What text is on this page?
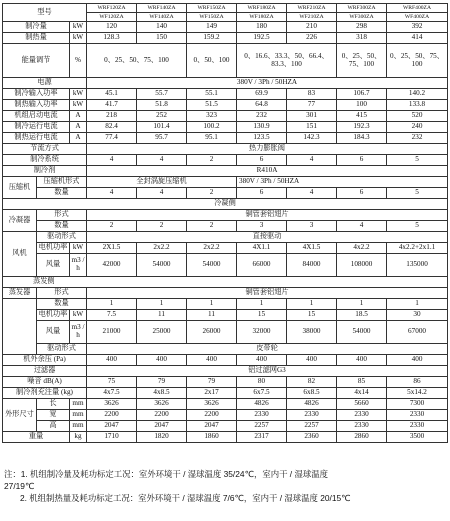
型号			WRF120ZA	WRF140ZA	WRF150ZA	WRF180ZA	WRF210ZA	WRF300ZA	WRF400ZA
			WF120ZA	WF140ZA	WF150ZA	WF180ZA	WF210ZA	WF300ZA	WF400ZA
制冷量		kW	120	140	149	180	210	298	392
制热量		kW	128.3	150	159.2	192.5	226	318	414
能量调节		%	0、25、50、75、100		0、50、100	0、16.6、33.3、50、66.4、83.3、100		0、25、50、75、100	0、25、50、75、100
电源			380V / 3Ph / 50HZA						
制冷输入功率		kW	45.1	55.7	55.1	69.9	83	106.7	140.2
制热输入功率		kW	41.7	51.8	51.5	64.8	77	100	133.8
机组启动电流		A	218	252	323	232	301	415	520
制冷运行电流		A	82.4	101.4	100.2	130.9	151	192.3	240
制热运行电流		A	77.4	95.7	95.1	123.5	142.3	184.3	232
节流方式			热力膨胀阀						
制冷系统			4	4	2	6	4	6	5
制冷剂			R410A						
压缩机	压缩机形式		全封涡旋压缩机			380V / 3Ph / 50HZA			
	数量		4	4	2	6	4	6	5
冷凝侧									
冷凝器	形式		铜管套铝翅片						
	数量		2	2	2	3	3	4	5
风机	驱动形式		直接驱动						
	电机功率	kW	2X1.5	2x2.2	2x2.2	4X1.1	4X1.5	4x2.2	4x2.2+2x1.1
	风量	m3 / h	42000	54000	54000	66000	84000	108000	135000
蒸发侧									
蒸发器	形式		铜管套铝翅片						
	数量		1	1	1	1	1	1	1
	电机功率	kW	7.5	11	11	15	15	18.5	30
	风量	m3 / h	21000	25000	26000	32000	38000	54000	67000
	驱动形式		皮带轮						
机外余压 (Pa)			400	400	400	400	400	400	400
过滤器			铝过滤网G3						
噪音 dB(A)			75	79	79	80	82	85	86
制冷剂充注量 (kg)			4x7.5	4x8.5	2x17	6x7.5	6x8.5	4x14	5x14.2
外形尺寸	长	mm	3626	3626	3626	4826	4826	5660	7300
	宽	mm	2200	2200	2200	2330	2330	2330	2330
	高	mm	2047	2047	2047	2257	2257	2330	2330
重量		kg	1710	1820	1860	2317	2360	2860	3500
注：1. 机组制冷量及耗功标定工况：室外环境干 / 湿球温度 35/24℃，室内干 / 湿球温度
27/19℃
2. 机组制热量及耗功标定工况：室外环境干 / 湿球温度 7/6℃，室内干 / 湿球温度 20/15℃
